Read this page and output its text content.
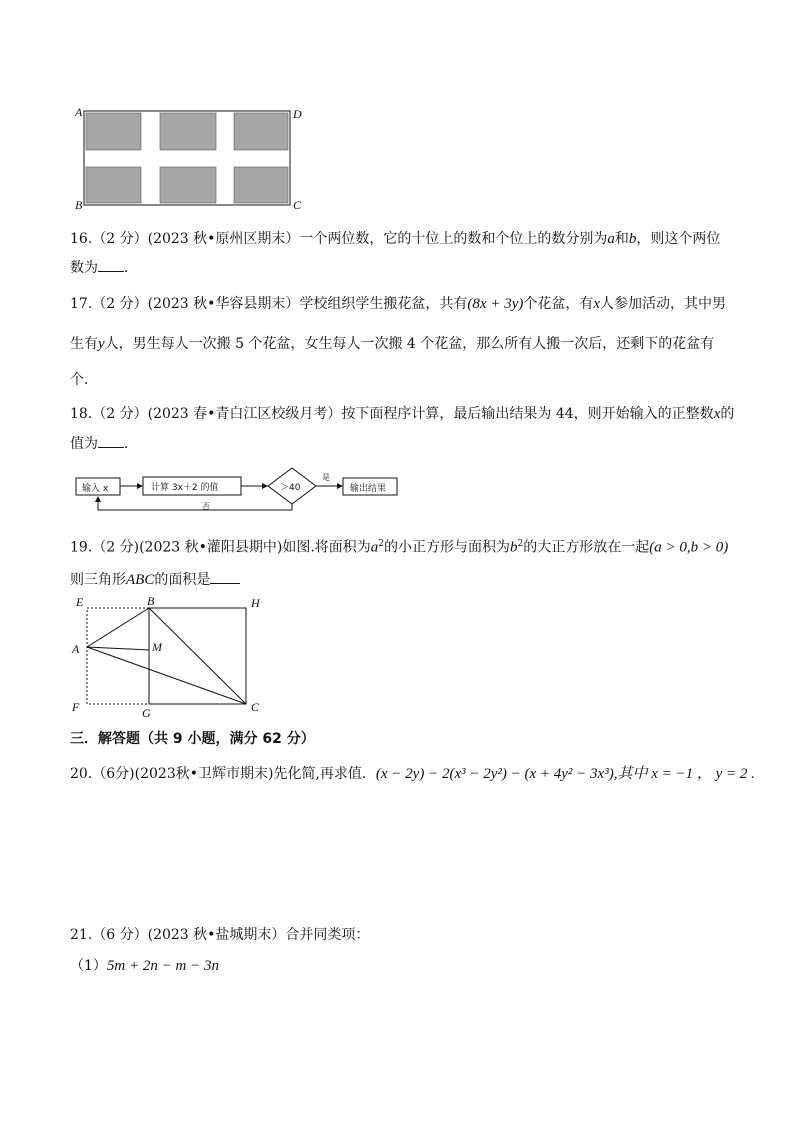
A	D
B	C
16.（2 分）(2023 秋•原州区期末）一个两位数，它的十位上的数和个位上的数分别为a和b，则这个两位
数为 ．
17.（2 分）(2023 秋•华容县期末）学校组织学生搬花盆，共有(8x + 3y)个花盆，有x人参加活动，其中男
生有y人，男生每人一次搬 5 个花盆，女生每人一次搬 4 个花盆，那么所有人搬一次后，还剩下的花盆有
个．
18.（2 分）(2023 春•青白江区校级月考）按下面程序计算，最后输出结果为 44，则开始输入的正整数x的
值为 ．
输入 x	计算 3x＋2 的值	＞40
是
否
输出结果
19.（2 分)(2023 秋•灌阳县期中)如图.将面积为$a^2$的小正方形与面积为$b^2$的大正方形放在一起(a > 0,b > 0)
则三角形ABC的面积是
E	B	H
A	M
F	G	C
三．解答题（共 9 小题，满分 62 分）
20.（6分)(2023秋•卫辉市期末)先化简,再求值．(x − 2y) − 2(x³ − 2y²) − (x + 4y² − 3x³),其中 x = −1 ， y = 2 .
21.（6 分）(2023 秋•盐城期末）合并同类项：
（1）5m + 2n − m − 3n
